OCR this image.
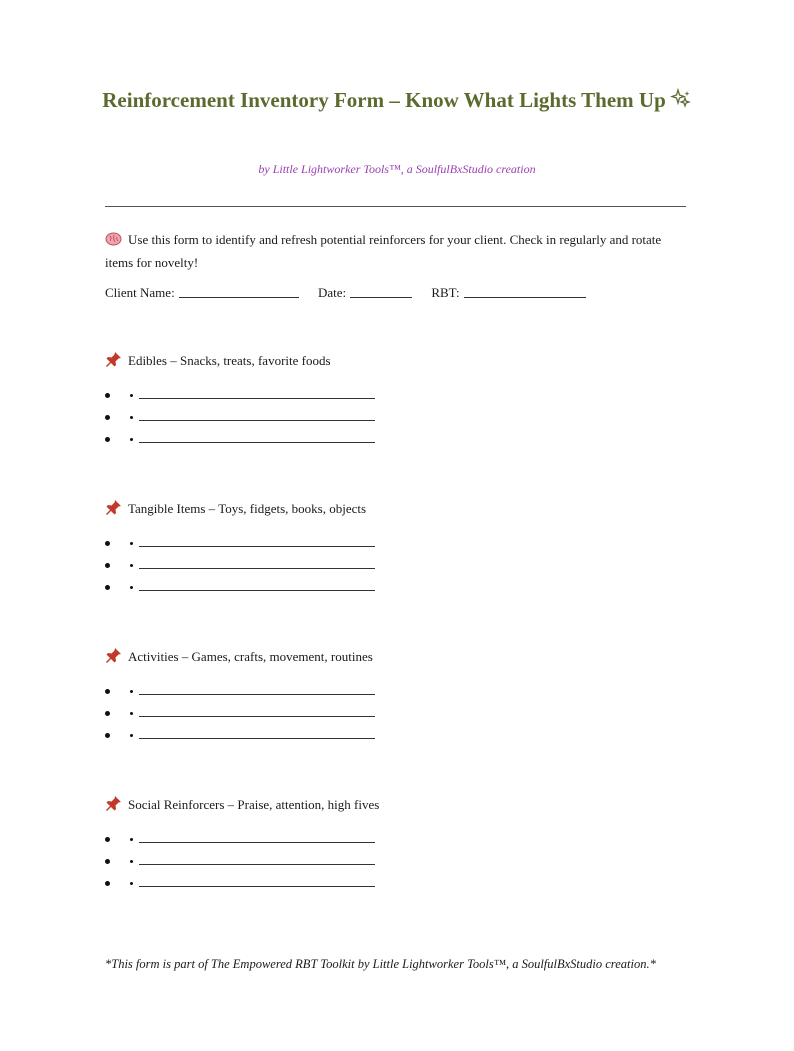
Reinforcement Inventory Form – Know What Lights Them Up

by Little Lightworker Tools™, a SoulfulBxStudio creation

Use this form to identify and refresh potential reinforcers for your client. Check in regularly and rotate items for novelty!

Client Name:	Date:	RBT:

Edibles – Snacks, treats, favorite foods

Tangible Items – Toys, fidgets, books, objects

Activities – Games, crafts, movement, routines

Social Reinforcers – Praise, attention, high fives

*This form is part of The Empowered RBT Toolkit by Little Lightworker Tools™, a SoulfulBxStudio creation.*
